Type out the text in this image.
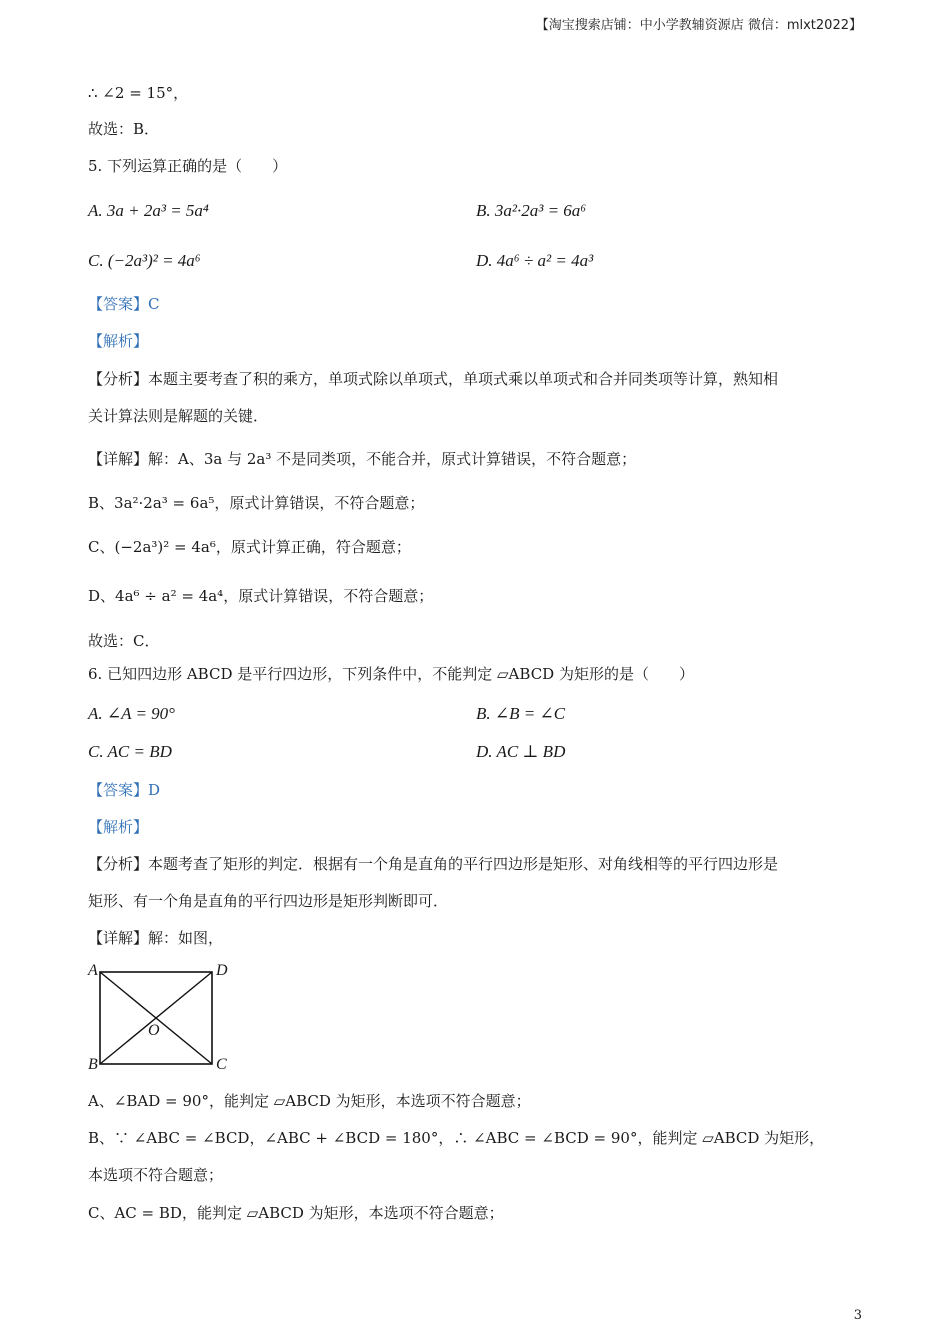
【淘宝搜索店铺：中小学教辅资源店 微信：mlxt2022】
∴ ∠2 = 15°，
故选：B．
5. 下列运算正确的是（　　）
A. 3a + 2a³ = 5a⁴	B. 3a²·2a³ = 6a⁶
C. (−2a³)² = 4a⁶	D. 4a⁶ ÷ a² = 4a³
【答案】C
【解析】
【分析】本题主要考查了积的乘方，单项式除以单项式，单项式乘以单项式和合并同类项等计算，熟知相
关计算法则是解题的关键．
【详解】解：A、3a 与 2a³ 不是同类项，不能合并，原式计算错误，不符合题意；
B、3a²·2a³ = 6a⁵，原式计算错误，不符合题意；
C、(−2a³)² = 4a⁶，原式计算正确，符合题意；
D、4a⁶ ÷ a² = 4a⁴，原式计算错误，不符合题意；
故选：C．
6. 已知四边形 ABCD 是平行四边形，下列条件中，不能判定 ▱ABCD 为矩形的是（　　）
A. ∠A = 90°	B. ∠B = ∠C
C. AC = BD	D. AC ⊥ BD
【答案】D
【解析】
【分析】本题考查了矩形的判定．根据有一个角是直角的平行四边形是矩形、对角线相等的平行四边形是
矩形、有一个角是直角的平行四边形是矩形判断即可．
【详解】解：如图，
A	D
B	C
O
A、∠BAD = 90°，能判定 ▱ABCD 为矩形，本选项不符合题意；
B、∵ ∠ABC = ∠BCD，∠ABC + ∠BCD = 180°，∴ ∠ABC = ∠BCD = 90°，能判定 ▱ABCD 为矩形，
本选项不符合题意；
C、AC = BD，能判定 ▱ABCD 为矩形，本选项不符合题意；
3
